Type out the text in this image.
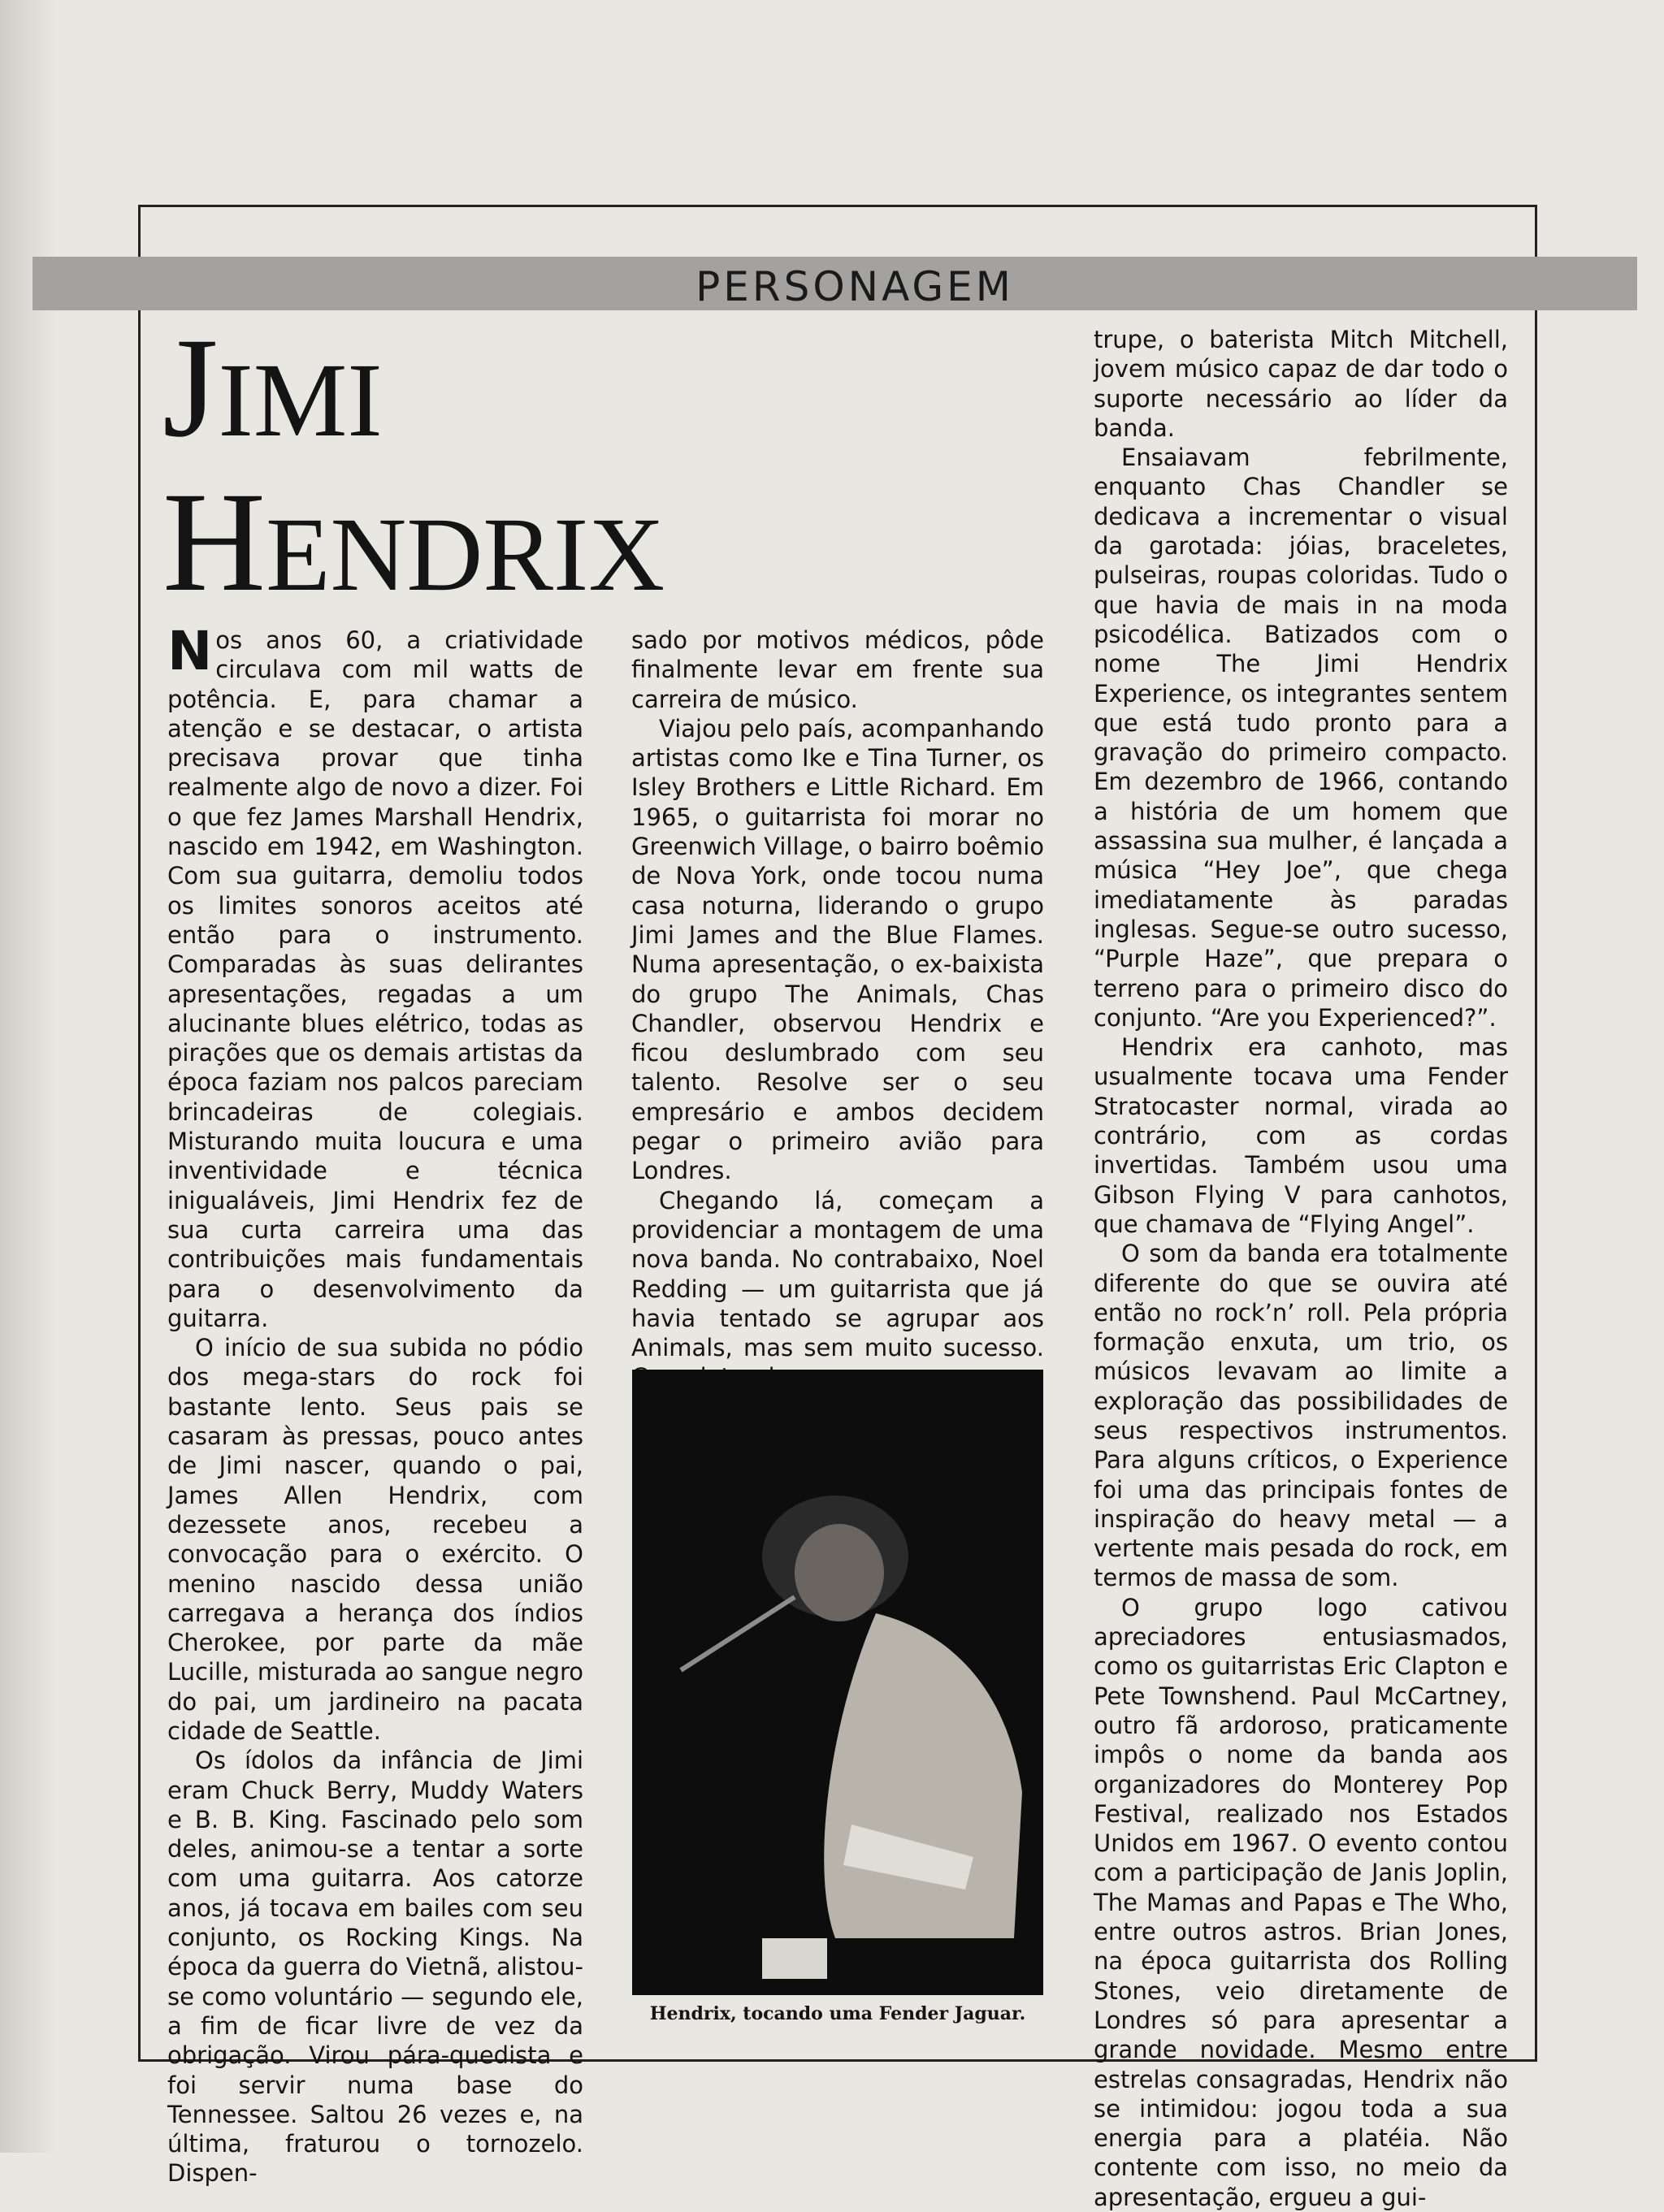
PERSONAGEM
JIMI
HENDRIX

Nos anos 60, a criatividade circulava com mil watts de potência. E, para chamar a atenção e se destacar, o artista precisava provar que tinha realmente algo de novo a dizer. Foi o que fez James Marshall Hendrix, nascido em 1942, em Washington. Com sua guitarra, demoliu todos os limites sonoros aceitos até então para o instrumento. Comparadas às suas delirantes apresentações, regadas a um alucinante blues elétrico, todas as pirações que os demais artistas da época faziam nos palcos pareciam brincadeiras de colegiais. Misturando muita loucura e uma inventividade e técnica inigualáveis, Jimi Hendrix fez de sua curta carreira uma das contribuições mais fundamentais para o desenvolvimento da guitarra.

O início de sua subida no pódio dos mega-stars do rock foi bastante lento. Seus pais se casaram às pressas, pouco antes de Jimi nascer, quando o pai, James Allen Hendrix, com dezessete anos, recebeu a convocação para o exército. O menino nascido dessa união carregava a herança dos índios Cherokee, por parte da mãe Lucille, misturada ao sangue negro do pai, um jardineiro na pacata cidade de Seattle.

Os ídolos da infância de Jimi eram Chuck Berry, Muddy Waters e B. B. King. Fascinado pelo som deles, animou-se a tentar a sorte com uma guitarra. Aos catorze anos, já tocava em bailes com seu conjunto, os Rocking Kings. Na época da guerra do Vietnã, alistou-se como voluntário — segundo ele, a fim de ficar livre de vez da obrigação. Virou pára-quedista e foi servir numa base do Tennessee. Saltou 26 vezes e, na última, fraturou o tornozelo. Dispen-

sado por motivos médicos, pôde finalmente levar em frente sua carreira de músico.

Viajou pelo país, acompanhando artistas como Ike e Tina Turner, os Isley Brothers e Little Richard. Em 1965, o guitarrista foi morar no Greenwich Village, o bairro boêmio de Nova York, onde tocou numa casa noturna, liderando o grupo Jimi James and the Blue Flames. Numa apresentação, o ex-baixista do grupo The Animals, Chas Chandler, observou Hendrix e ficou deslumbrado com seu talento. Resolve ser o seu empresário e ambos decidem pegar o primeiro avião para Londres.

Chegando lá, começam a providenciar a montagem de uma nova banda. No contrabaixo, Noel Redding — um guitarrista que já havia tentado se agrupar aos Animals, mas sem muito sucesso.

Hendrix, tocando uma Fender Jaguar.

trupe, o baterista Mitch Mitchell, jovem músico capaz de dar todo o suporte necessário ao líder da banda.

Ensaiavam febrilmente, enquanto Chas Chandler se dedicava a incrementar o visual da garotada: jóias, braceletes, pulseiras, roupas coloridas. Tudo o que havia de mais in na moda psicodélica. Batizados com o nome The Jimi Hendrix Experience, os integrantes sentem que está tudo pronto para a gravação do primeiro compacto. Em dezembro de 1966, contando a história de um homem que assassina sua mulher, é lançada a música “Hey Joe”, que chega imediatamente às paradas inglesas. Segue-se outro sucesso, “Purple Haze”, que prepara o terreno para o primeiro disco do conjunto. “Are you Experienced?”.

Hendrix era canhoto, mas usualmente tocava uma Fender Stratocaster normal, virada ao contrário, com as cordas invertidas. Também usou uma Gibson Flying V para canhotos, que chamava de “Flying Angel”.

O som da banda era totalmente diferente do que se ouvira até então no rock’n’ roll. Pela própria formação enxuta, um trio, os músicos levavam ao limite a exploração das possibilidades de seus respectivos instrumentos. Para alguns críticos, o Experience foi uma das principais fontes de inspiração do heavy metal — a vertente mais pesada do rock, em termos de massa de som.

O grupo logo cativou apreciadores entusiasmados, como os guitarristas Eric Clapton e Pete Townshend. Paul McCartney, outro fã ardoroso, praticamente impôs o nome da banda aos organizadores do Monterey Pop Festival, realizado nos Estados Unidos em 1967. O evento contou com a participação de Janis Joplin, The Mamas and Papas e The Who, entre outros astros. Brian Jones, na época guitarrista dos Rolling Stones, veio diretamente de Londres só para apresentar a grande novidade. Mesmo entre estrelas consagradas, Hendrix não se intimidou: jogou toda a sua energia para a platéia. Não contente com isso, no meio da apresentação, ergueu a gui-
